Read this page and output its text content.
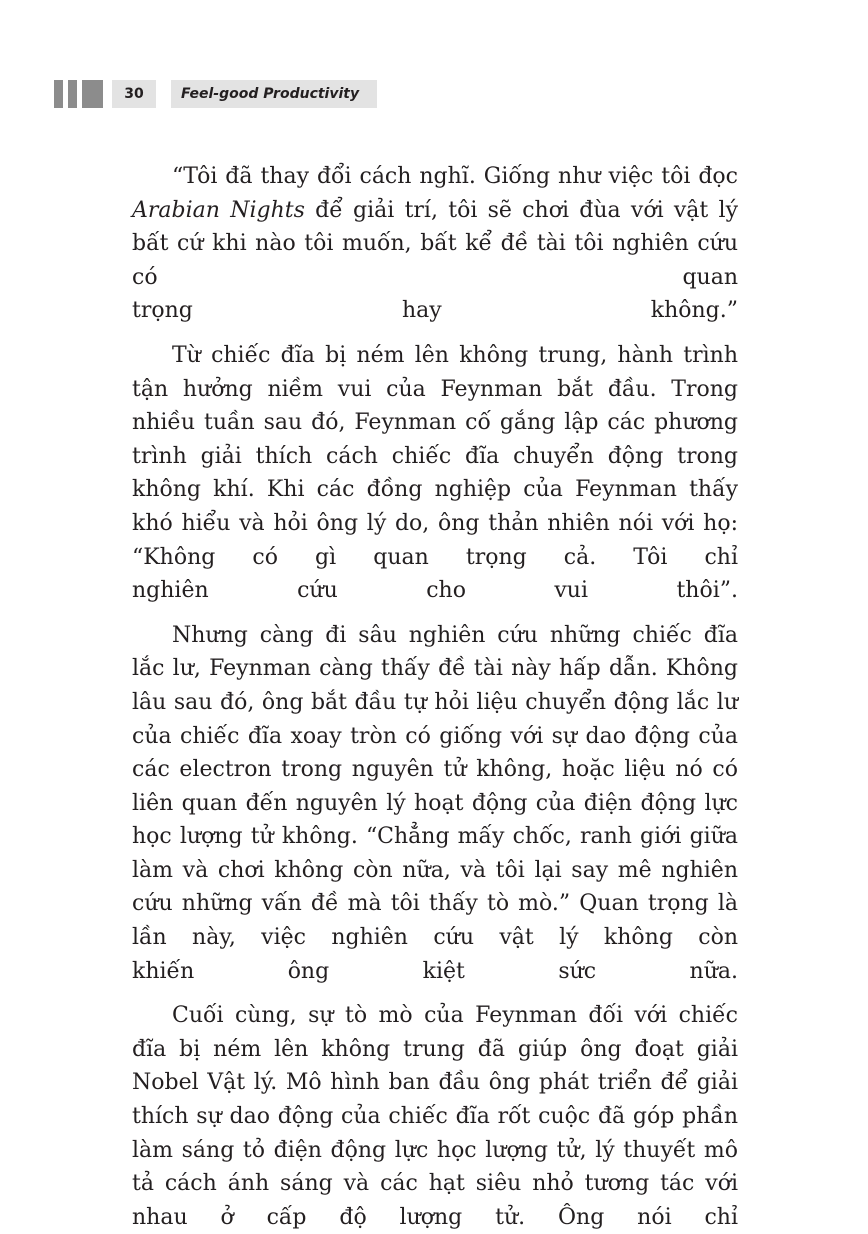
30	Feel-good Productivity

“Tôi đã thay đổi cách nghĩ. Giống như việc tôi đọc Arabian Nights để giải trí, tôi sẽ chơi đùa với vật lý bất cứ khi nào tôi muốn, bất kể đề tài tôi nghiên cứu có quan
trọng hay không.”

Từ chiếc đĩa bị ném lên không trung, hành trình tận hưởng niềm vui của Feynman bắt đầu. Trong nhiều tuần sau đó, Feynman cố gắng lập các phương trình giải thích cách chiếc đĩa chuyển động trong không khí. Khi các đồng nghiệp của Feynman thấy khó hiểu và hỏi ông lý do, ông thản nhiên nói với họ: “Không có gì quan trọng cả. Tôi chỉ
nghiên cứu cho vui thôi”.

Nhưng càng đi sâu nghiên cứu những chiếc đĩa lắc lư, Feynman càng thấy đề tài này hấp dẫn. Không lâu sau đó, ông bắt đầu tự hỏi liệu chuyển động lắc lư của chiếc đĩa xoay tròn có giống với sự dao động của các electron trong nguyên tử không, hoặc liệu nó có liên quan đến nguyên lý hoạt động của điện động lực học lượng tử không. “Chẳng mấy chốc, ranh giới giữa làm và chơi không còn nữa, và tôi lại say mê nghiên cứu những vấn đề mà tôi thấy tò mò.” Quan trọng là lần này, việc nghiên cứu vật lý không còn
khiến ông kiệt sức nữa.

Cuối cùng, sự tò mò của Feynman đối với chiếc đĩa bị ném lên không trung đã giúp ông đoạt giải Nobel Vật lý. Mô hình ban đầu ông phát triển để giải thích sự dao động của chiếc đĩa rốt cuộc đã góp phần làm sáng tỏ điện động lực học lượng tử, lý thuyết mô tả cách ánh sáng và các hạt siêu nhỏ tương tác với nhau ở cấp độ lượng tử. Ông nói chỉ
